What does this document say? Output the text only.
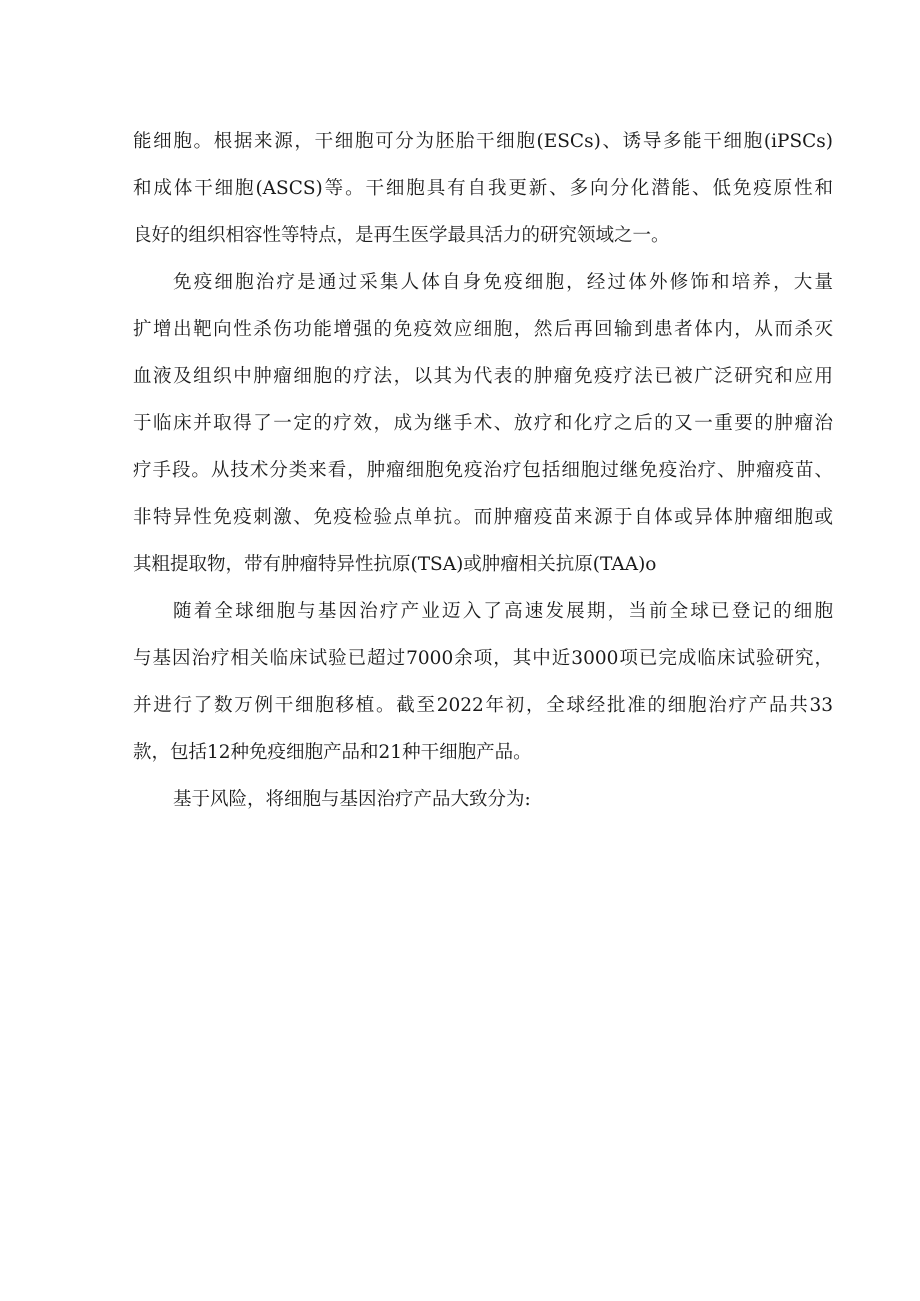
能细胞。根据来源，干细胞可分为胚胎干细胞(ESCs)、诱导多能干细胞(iPSCs)
和成体干细胞(ASCS)等。干细胞具有自我更新、多向分化潜能、低免疫原性和
良好的组织相容性等特点，是再生医学最具活力的研究领域之一。
免疫细胞治疗是通过采集人体自身免疫细胞，经过体外修饰和培养，大量
扩增出靶向性杀伤功能增强的免疫效应细胞，然后再回输到患者体内，从而杀灭
血液及组织中肿瘤细胞的疗法，以其为代表的肿瘤免疫疗法已被广泛研究和应用
于临床并取得了一定的疗效，成为继手术、放疗和化疗之后的又一重要的肿瘤治
疗手段。从技术分类来看，肿瘤细胞免疫治疗包括细胞过继免疫治疗、肿瘤疫苗、
非特异性免疫刺激、免疫检验点单抗。而肿瘤疫苗来源于自体或异体肿瘤细胞或
其粗提取物，带有肿瘤特异性抗原(TSA)或肿瘤相关抗原(TAA)o
随着全球细胞与基因治疗产业迈入了高速发展期，当前全球已登记的细胞
与基因治疗相关临床试验已超过7000余项，其中近3000项已完成临床试验研究，
并进行了数万例干细胞移植。截至2022年初，全球经批准的细胞治疗产品共33
款，包括12种免疫细胞产品和21种干细胞产品。
基于风险，将细胞与基因治疗产品大致分为:
